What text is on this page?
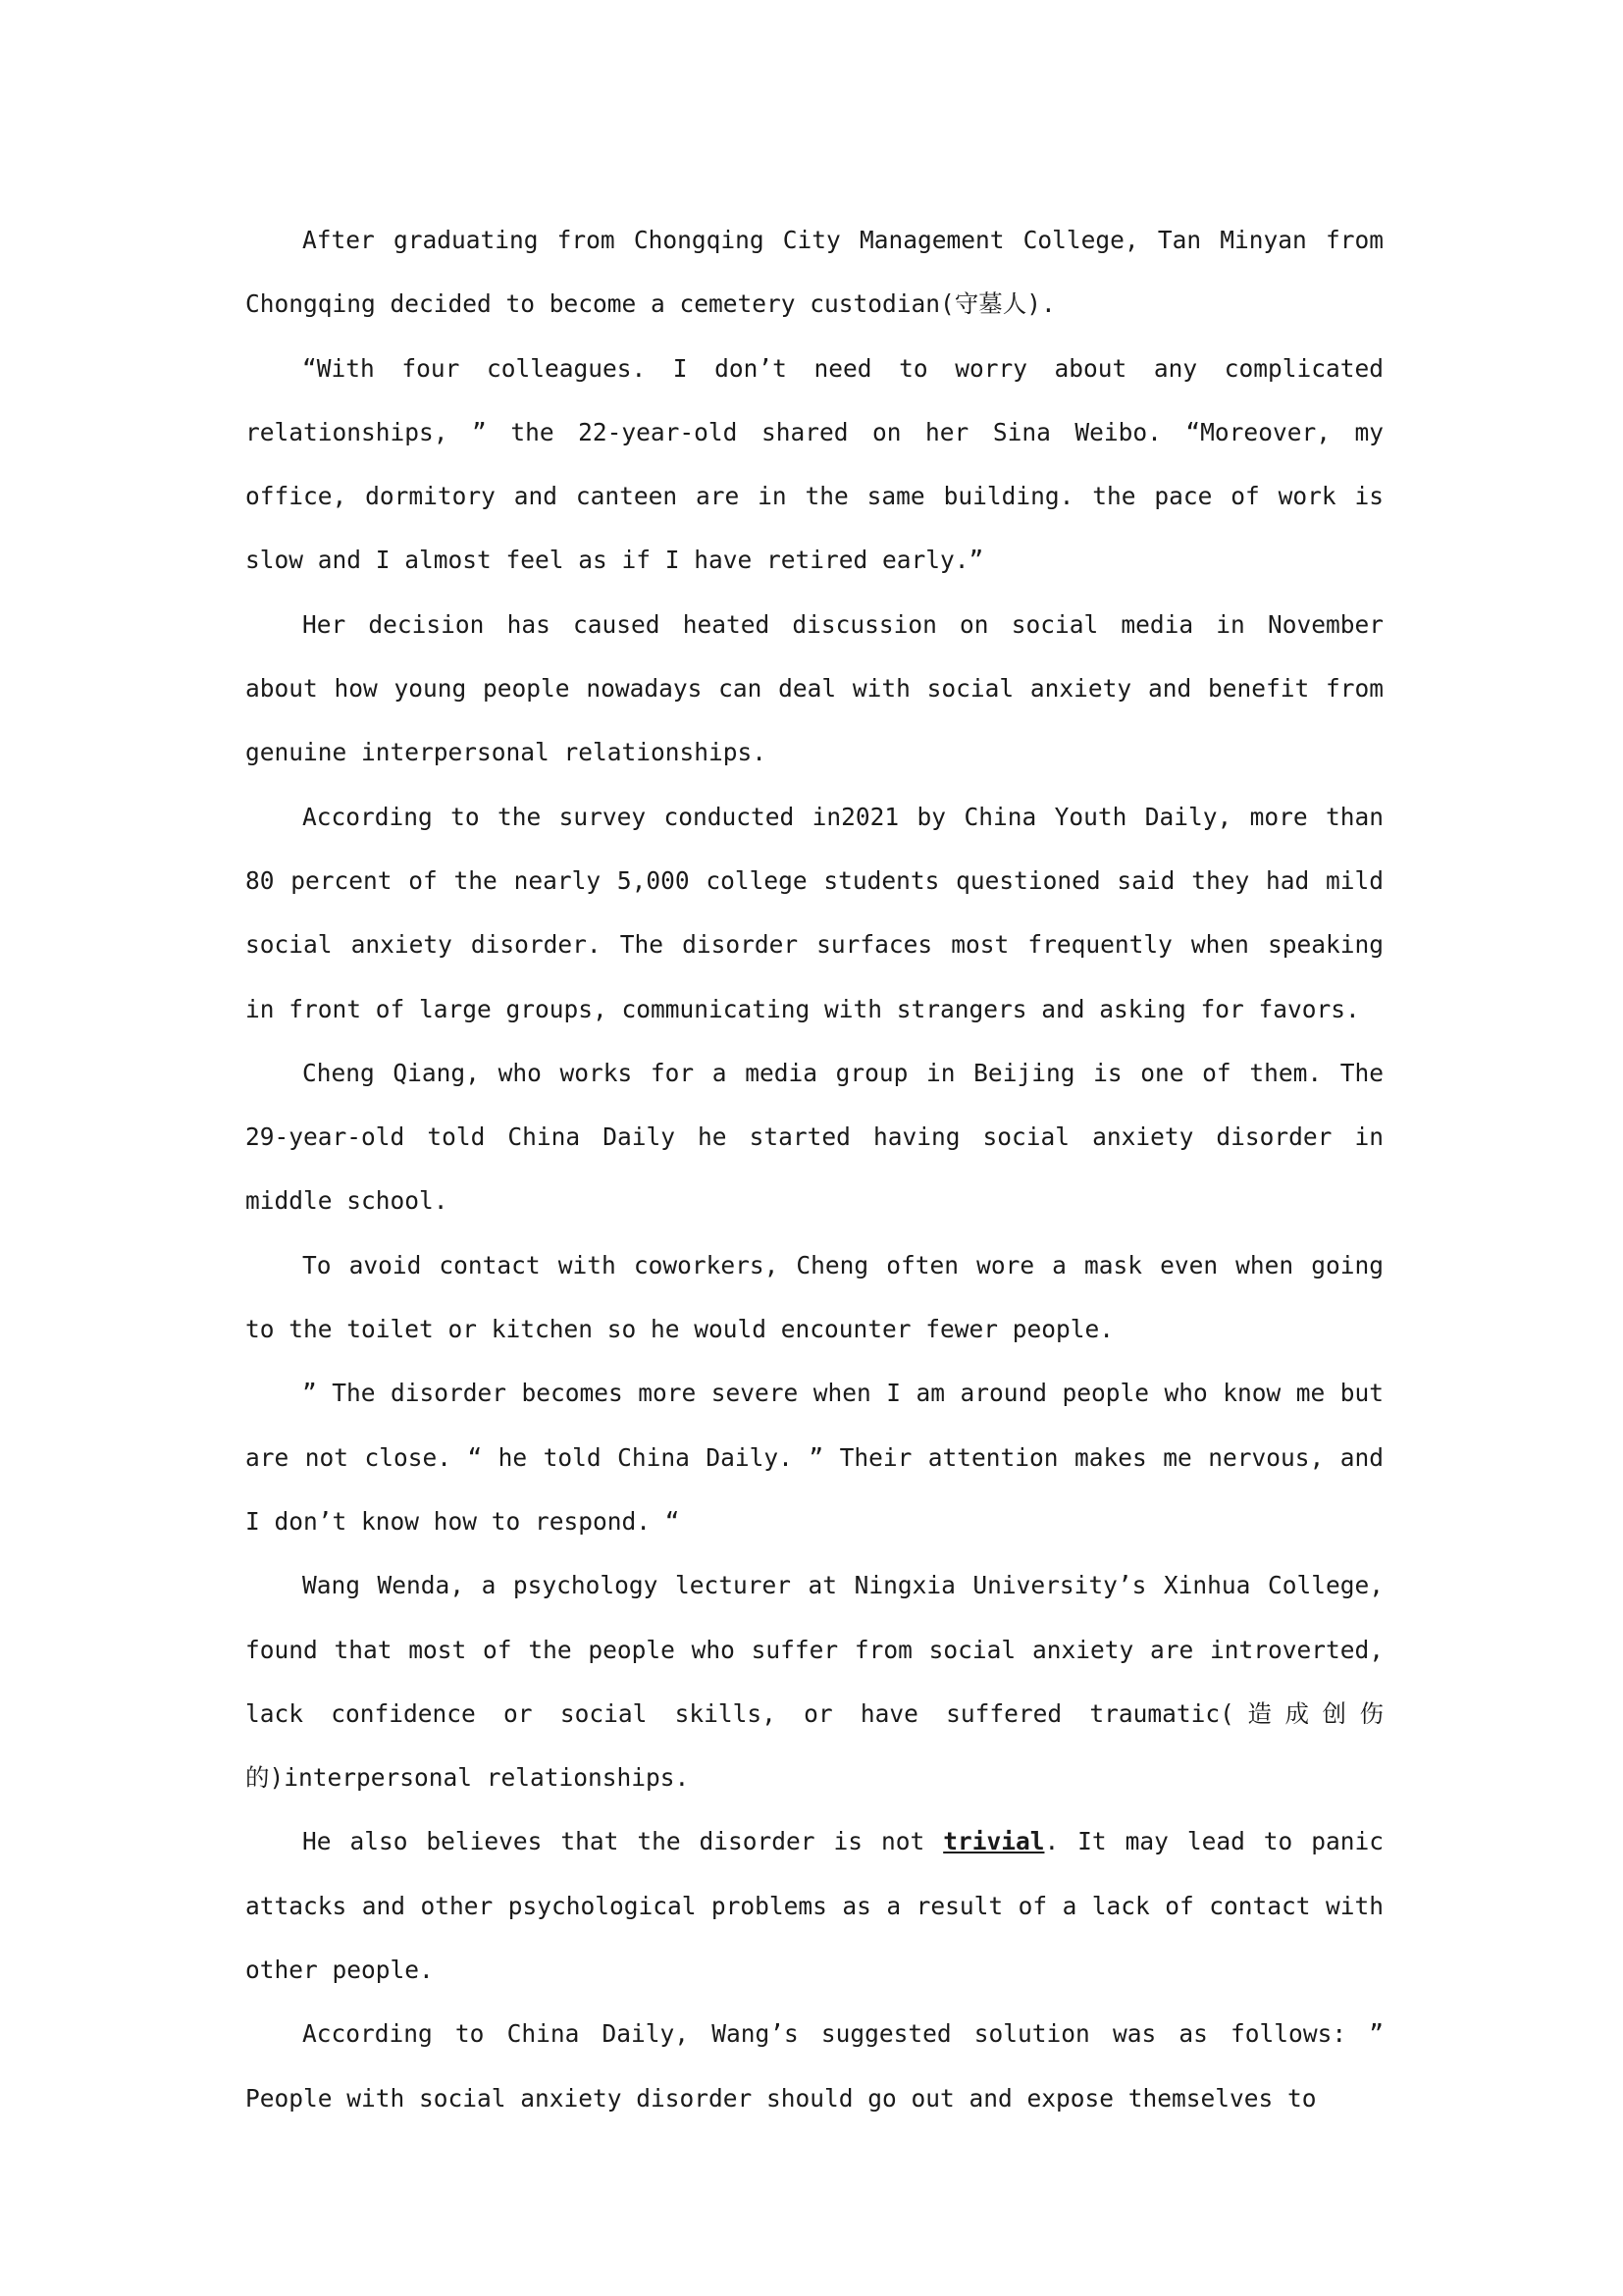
After graduating from Chongqing City Management College, Tan Minyan from Chongqing decided to become a cemetery custodian(守墓人).

“With four colleagues. I don’t need to worry about any complicated relationships, ” the 22-year-old shared on her Sina Weibo. “Moreover, my office, dormitory and canteen are in the same building. the pace of work is slow and I almost feel as if I have retired early.”

Her decision has caused heated discussion on social media in November about how young people nowadays can deal with social anxiety and benefit from genuine interpersonal relationships.

According to the survey conducted in2021 by China Youth Daily, more than 80 percent of the nearly 5,000 college students questioned said they had mild social anxiety disorder. The disorder surfaces most frequently when speaking in front of large groups, communicating with strangers and asking for favors.

Cheng Qiang, who works for a media group in Beijing is one of them. The 29-year-old told China Daily he started having social anxiety disorder in middle school.

To avoid contact with coworkers, Cheng often wore a mask even when going to the toilet or kitchen so he would encounter fewer people.

” The disorder becomes more severe when I am around people who know me but are not close. “ he told China Daily. ” Their attention makes me nervous, and I don’t know how to respond. “

Wang Wenda, a psychology lecturer at Ningxia University’s Xinhua College, found that most of the people who suffer from social anxiety are introverted, lack confidence or social skills, or have suffered traumatic(造成创伤的)interpersonal relationships.

He also believes that the disorder is not trivial. It may lead to panic attacks and other psychological problems as a result of a lack of contact with other people.

According to China Daily, Wang’s suggested solution was as follows: ” People with social anxiety disorder should go out and expose themselves to
